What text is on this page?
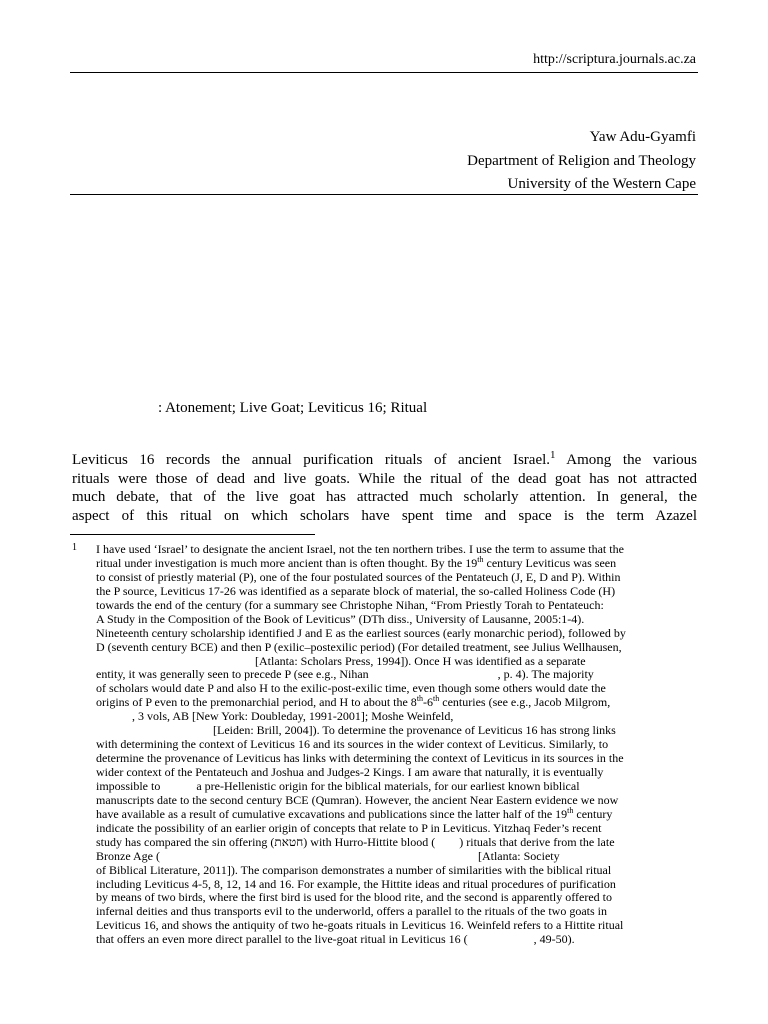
http://scriptura.journals.ac.za
Yaw Adu-Gyamfi
Department of Religion and Theology
University of the Western Cape
: Atonement; Live Goat; Leviticus 16; Ritual
Leviticus 16 records the annual purification rituals of ancient Israel.$^1$ Among the various
rituals were those of dead and live goats. While the ritual of the dead goat has not attracted
much debate, that of the live goat has attracted much scholarly attention. In general, the
aspect of this ritual on which scholars have spent time and space is the term Azazel
1 I have used ‘Israel’ to designate the ancient Israel, not the ten northern tribes. I use the term to assume that the
ritual under investigation is much more ancient than is often thought. By the 19th century Leviticus was seen
to consist of priestly material (P), one of the four postulated sources of the Pentateuch (J, E, D and P). Within
the P source, Leviticus 17-26 was identified as a separate block of material, the so-called Holiness Code (H)
towards the end of the century (for a summary see Christophe Nihan, “From Priestly Torah to Pentateuch:
A Study in the Composition of the Book of Leviticus” (DTh diss., University of Lausanne, 2005:1-4).
Nineteenth century scholarship identified J and E as the earliest sources (early monarchic period), followed by
D (seventh century BCE) and then P (exilic–postexilic period) (For detailed treatment, see Julius Wellhausen,
[Atlanta: Scholars Press, 1994]). Once H was identified as a separate
entity, it was generally seen to precede P (see e.g., Nihan                                           , p. 4). The majority
of scholars would date P and also H to the exilic-post-exilic time, even though some others would date the
origins of P even to the premonarchial period, and H to about the 8th-6th centuries (see e.g., Jacob Milgrom,
, 3 vols, AB [New York: Doubleday, 1991-2001]; Moshe Weinfeld,
[Leiden: Brill, 2004]). To determine the provenance of Leviticus 16 has strong links
with determining the context of Leviticus 16 and its sources in the wider context of Leviticus. Similarly, to
determine the provenance of Leviticus has links with determining the context of Leviticus in its sources in the
wider context of the Pentateuch and Joshua and Judges-2 Kings. I am aware that naturally, it is eventually
impossible to            a pre-Hellenistic origin for the biblical materials, for our earliest known biblical
manuscripts date to the second century BCE (Qumran). However, the ancient Near Eastern evidence we now
have available as a result of cumulative excavations and publications since the latter half of the 19th century
indicate the possibility of an earlier origin of concepts that relate to P in Leviticus. Yitzhaq Feder’s recent
study has compared the sin offering (חטאת) with Hurro-Hittite blood (        ) rituals that derive from the late
Bronze Age (                                                                                                          [Atlanta: Society
of Biblical Literature, 2011]). The comparison demonstrates a number of similarities with the biblical ritual
including Leviticus 4-5, 8, 12, 14 and 16. For example, the Hittite ideas and ritual procedures of purification
by means of two birds, where the first bird is used for the blood rite, and the second is apparently offered to
infernal deities and thus transports evil to the underworld, offers a parallel to the rituals of the two goats in
Leviticus 16, and shows the antiquity of two he-goats rituals in Leviticus 16. Weinfeld refers to a Hittite ritual
that offers an even more direct parallel to the live-goat ritual in Leviticus 16 (                      , 49-50).
